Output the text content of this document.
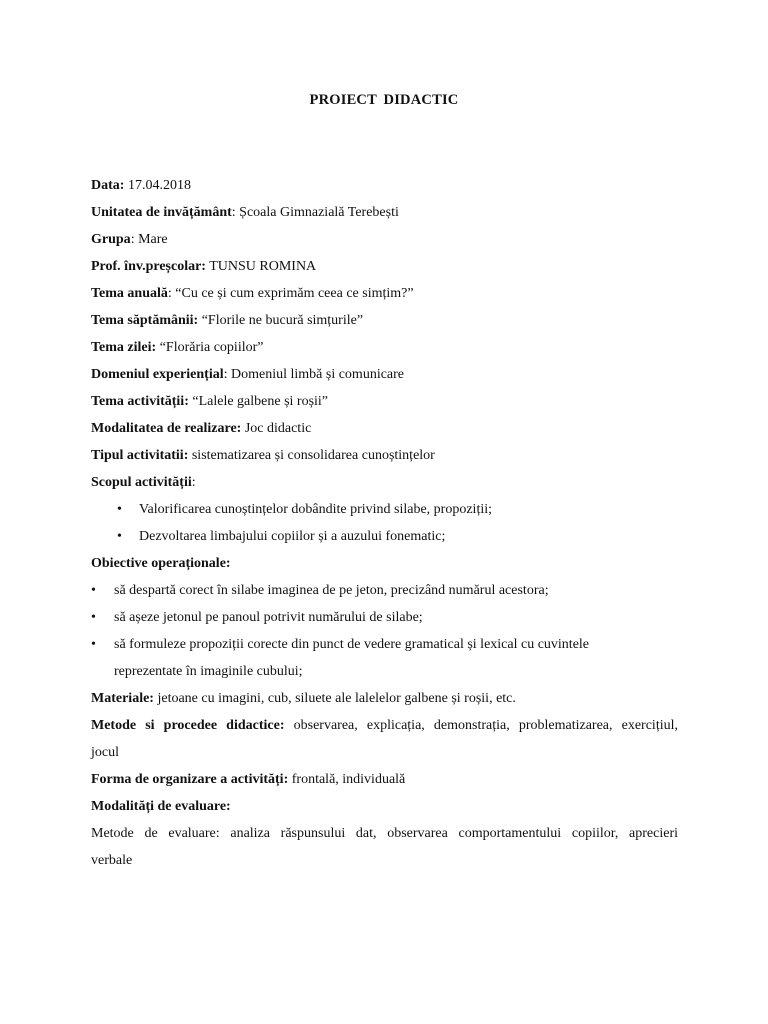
PROIECT DIDACTIC
Data: 17.04.2018
Unitatea de invățământ: Școala Gimnazială Terebești
Grupa: Mare
Prof. înv.preșcolar: TUNSU ROMINA
Tema anuală: “Cu ce și cum exprimăm ceea ce simțim?”
Tema săptămânii: “Florile ne bucură simțurile”
Tema zilei: “Florăria copiilor”
Domeniul experiențial: Domeniul limbă și comunicare
Tema activității: “Lalele galbene și roșii”
Modalitatea de realizare: Joc didactic
Tipul activitatii: sistematizarea și consolidarea cunoștințelor
Scopul activității:
• Valorificarea cunoștințelor dobândite privind silabe, propoziții;
• Dezvoltarea limbajului copiilor și a auzului fonematic;
Obiective operaționale:
• să despartă corect în silabe imaginea de pe jeton, precizând numărul acestora;
• să așeze jetonul pe panoul potrivit numărului de silabe;
• să formuleze propoziții corecte din punct de vedere gramatical și lexical cu cuvintele
reprezentate în imaginile cubului;
Materiale: jetoane cu imagini, cub, siluete ale lalelelor galbene și roșii, etc.
Metode si procedee didactice: observarea, explicația, demonstrația, problematizarea, exercițiul,
jocul
Forma de organizare a activități: frontală, individuală
Modalități de evaluare:
Metode de evaluare: analiza răspunsului dat, observarea comportamentului copiilor, aprecieri
verbale
